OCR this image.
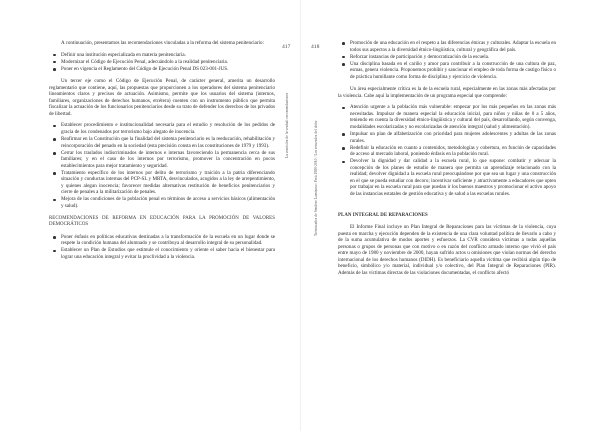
A continuación, presentamos las recomendaciones vinculadas a la reforma del sistema penitenciario:

Definir una institución especializada en materia penitenciaria.
Modernizar el Código de Ejecución Penal, adecuándolo a la realidad penitenciaria.
Poner en vigencia el Reglamento del Código de Ejecución Penal DS 023-001-JUS.

Un tercer eje como el Código de Ejecución Penal, de carácter general, amerita un desarrollo reglamentario que contiene, aquí, las propuestas que proporcionen a los operadores del sistema penitenciario lineamientos claros y precisos de actuación. Asimismo, permite que los usuarios del sistema (internos, familiares, organizaciones de derechos humanos, etcétera) cuenten con un instrumento público que permita fiscalizar la actuación de los funcionarios penitenciarios desde su trato de defender los derechos de los privados de libertad.

Establecer procedimiento e institucionalidad necesaria para el estudio y resolución de los pedidos de gracia de los condenados por terrorismo bajo alegato de inocencia.
Reafirmar en la Constitución que la finalidad del sistema penitenciario es la reeducación, rehabilitación y reincorporación del penado en la sociedad (esta precisión consta en las constituciones de 1979 y 1993).
Cerrar los traslados indiscriminados de internos e internas favoreciendo la permanencia cerca de sus familiares; y en el caso de los internos por terrorismo, promover la concentración en pocos establecimientos para mejor tratamiento y seguridad.
Tratamiento específico de los internos por delito de terrorismo y traición a la patria diferenciando situación y conductas internas del PCP-SL y MRTA, desvinculados, acogidos a la ley de arrepentimiento, y quienes alegan inocencia; favorecer medidas alternativas restitución de beneficios penitenciarios y cierre de penales a la militarización de penales.
Mejora de las condiciones de la población penal en términos de acceso a servicios básicos (alimentación y salud).
RECOMENDACIONES DE REFORMA EN EDUCACIÓN PARA LA PROMOCIÓN DE VALORES DEMOCRÁTICOS
Poner énfasis en políticas educativas destinadas a la transformación de la escuela en un lugar donde se respete la condición humana del alumnado y se contribuya al desarrollo integral de su personalidad.
Establecer un Plan de Estudios que estimule el conocimiento y oriente el saber hacia el bienestar para lograr una educación integral y evitar la proclividad a la violencia.
417
La comisión de la verdad: recomendaciones
418
Treinta años de Sendero Luminoso: Perú 1980-2010 / Los recuerdos del dolor
Promoción de una educación en el respeto a las diferencias étnicas y culturales. Adaptar la escuela en todos sus aspectos a la diversidad étnico-lingüística, cultural y geográfica del país.
Reforzar instancias de participación y democratización de la escuela.
Una disciplina basada en el cariño y amor para contribuir a la construcción de una cultura de paz, esmas, genera violencia. Proponemos prohibir y sancionar el empleo de toda forma de castigo físico o de práctica humillante como forma de disciplina y ejercicio de violencia.

Un área especialmente crítica es la de la escuela rural, especialmente en las zonas más afectadas por la violencia. Cabe aquí la implementación de un programa especial que comprende:

Atención urgente a la población más vulnerable: empezar por los más pequeños en las zonas más necesitadas. Impulsar de manera especial la educación inicial, para niños y niñas de 0 a 5 años, teniendo en cuenta la diversidad étnico-lingüística y cultural del país, desarrollando, según convenga, modalidades escolarizadas y no escolarizadas de atención integral (salud y alimentación).
Impulsar un plan de alfabetización con prioridad para mujeres adolescentes y adultas de las zonas rurales.
Redefinir la educación en cuanto a contenidos, metodologías y cobertura, en función de capacidades de acceso al mercado laboral, poniendo énfasis en la población rural.
Devolver la dignidad y dar calidad a la escuela rural, lo que supone: combatir y adecuar la concepción de los planes de estudio de manera que permita un aprendizaje relacionado con la realidad; devolver dignidad a la escuela rural preocupándose por que sea un lugar y una construcción en el que se pueda estudiar con decoro; incentivar suficiente y atractivamente a educadores que opten por trabajar en la escuela rural para que puedan ir los buenos maestros y promocionar el activo apoyo de las instancias estatales de gestión educativa y de salud a las escuelas rurales.
PLAN INTEGRAL DE REPARACIONES

El Informe Final incluye un Plan Integral de Reparaciones para las víctimas de la violencia, cuya puesta en marcha y ejecución dependen de la existencia de una clara voluntad política de llevarlo a cabo y de la suma acumulativa de modos aportes y esfuerzos. La CVR considera víctimas a todas aquellas personas o grupos de personas que con motivo o en razón del conflicto armado interno que vivió el país entre mayo de 1980 y noviembre de 2000, hayan sufrido actos u omisiones que violan normas del derecho internacional de los derechos humanos (DIDH). Es beneficiario aquella víctima que recibirá algún tipo de beneficio, simbólico y/o material, individual y/o colectivo, del Plan Integral de Reparaciones (PIR). Además de las víctimas directas de las violaciones documentadas, el conflicto afectó
